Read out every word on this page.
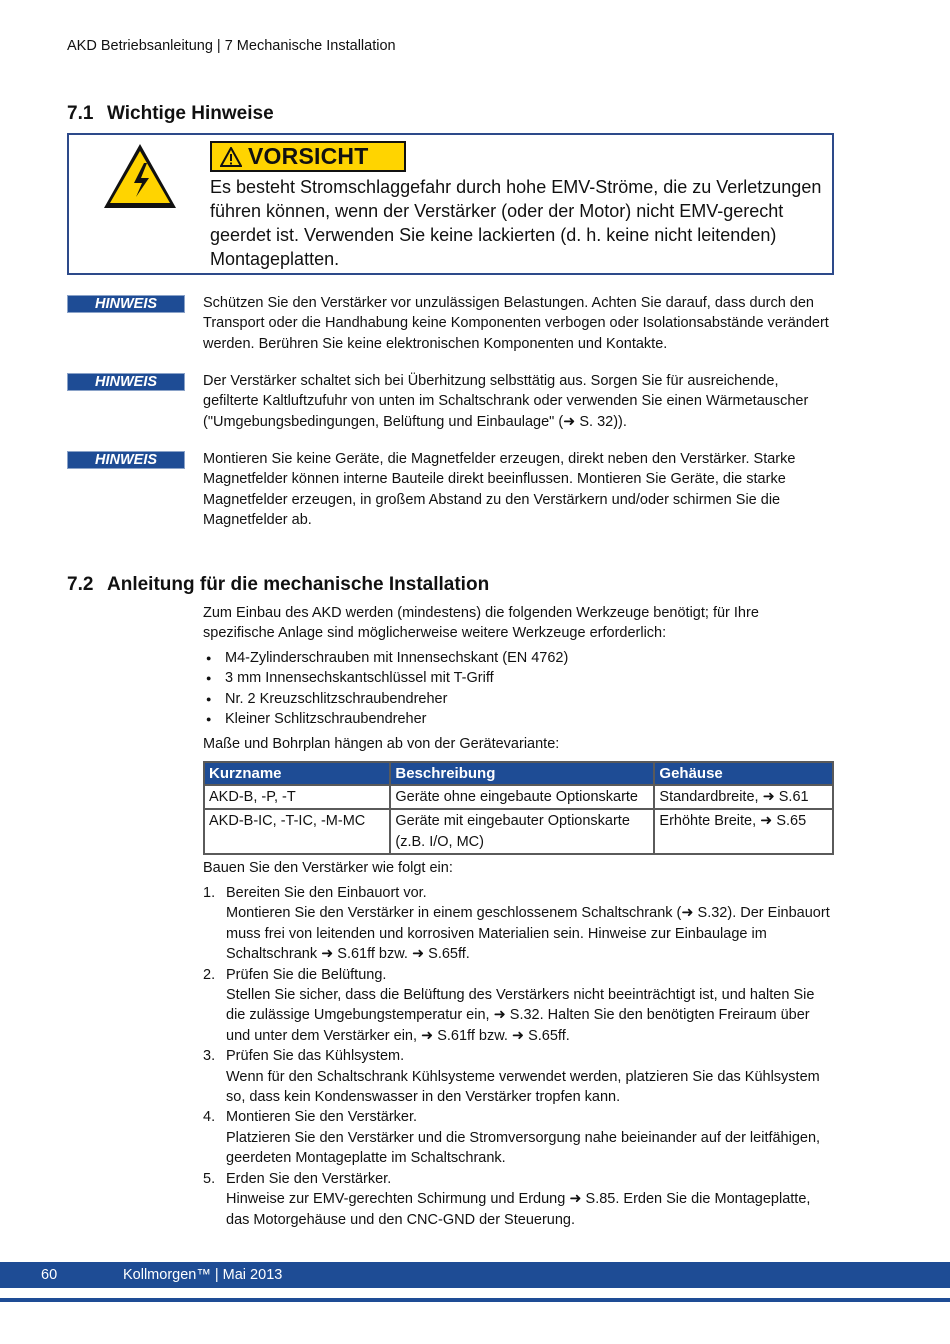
AKD Betriebsanleitung | 7 Mechanische Installation
7.1 Wichtige Hinweise
VORSICHT
Es besteht Stromschlaggefahr durch hohe EMV-Ströme, die zu Verletzungen führen können, wenn der Verstärker (oder der Motor) nicht EMV-gerecht geerdet ist. Verwenden Sie keine lackierten (d. h. keine nicht leitenden) Montageplatten.
HINWEIS	Schützen Sie den Verstärker vor unzulässigen Belastungen. Achten Sie darauf, dass durch den Transport oder die Handhabung keine Komponenten verbogen oder Isolationsabstände verändert werden. Berühren Sie keine elektronischen Komponenten und Kontakte.
HINWEIS	Der Verstärker schaltet sich bei Überhitzung selbsttätig aus. Sorgen Sie für ausreichende, gefilterte Kaltluftzufuhr von unten im Schaltschrank oder verwenden Sie einen Wärmetauscher ("Umgebungsbedingungen, Belüftung und Einbaulage" (➜ S. 32)).
HINWEIS	Montieren Sie keine Geräte, die Magnetfelder erzeugen, direkt neben den Verstärker. Starke Magnetfelder können interne Bauteile direkt beeinflussen. Montieren Sie Geräte, die starke Magnetfelder erzeugen, in großem Abstand zu den Verstärkern und/oder schirmen Sie die Magnetfelder ab.
7.2 Anleitung für die mechanische Installation
Zum Einbau des AKD werden (mindestens) die folgenden Werkzeuge benötigt; für Ihre spezifische Anlage sind möglicherweise weitere Werkzeuge erforderlich:
● M4-Zylinderschrauben mit Innensechskant (EN 4762)
● 3 mm Innensechskantschlüssel mit T-Griff
● Nr. 2 Kreuzschlitzschraubendreher
● Kleiner Schlitzschraubendreher
Maße und Bohrplan hängen ab von der Gerätevariante:
Kurzname	Beschreibung	Gehäuse
AKD-B, -P, -T	Geräte ohne eingebaute Optionskarte	Standardbreite, ➜ S.61
AKD-B-IC, -T-IC, -M-MC	Geräte mit eingebauter Optionskarte (z.B. I/O, MC)	Erhöhte Breite, ➜ S.65
Bauen Sie den Verstärker wie folgt ein:
1. Bereiten Sie den Einbauort vor.
Montieren Sie den Verstärker in einem geschlossenem Schaltschrank (➜ S.32). Der Einbauort muss frei von leitenden und korrosiven Materialien sein. Hinweise zur Einbaulage im Schaltschrank ➜ S.61ff bzw. ➜ S.65ff.
2. Prüfen Sie die Belüftung.
Stellen Sie sicher, dass die Belüftung des Verstärkers nicht beeinträchtigt ist, und halten Sie die zulässige Umgebungstemperatur ein, ➜ S.32. Halten Sie den benötigten Freiraum über und unter dem Verstärker ein, ➜ S.61ff bzw. ➜ S.65ff.
3. Prüfen Sie das Kühlsystem.
Wenn für den Schaltschrank Kühlsysteme verwendet werden, platzieren Sie das Kühlsystem so, dass kein Kondenswasser in den Verstärker tropfen kann.
4. Montieren Sie den Verstärker.
Platzieren Sie den Verstärker und die Stromversorgung nahe beieinander auf der leitfähigen, geerdeten Montageplatte im Schaltschrank.
5. Erden Sie den Verstärker.
Hinweise zur EMV-gerechten Schirmung und Erdung ➜ S.85. Erden Sie die Montageplatte, das Motorgehäuse und den CNC-GND der Steuerung.
60	Kollmorgen™ | Mai 2013
